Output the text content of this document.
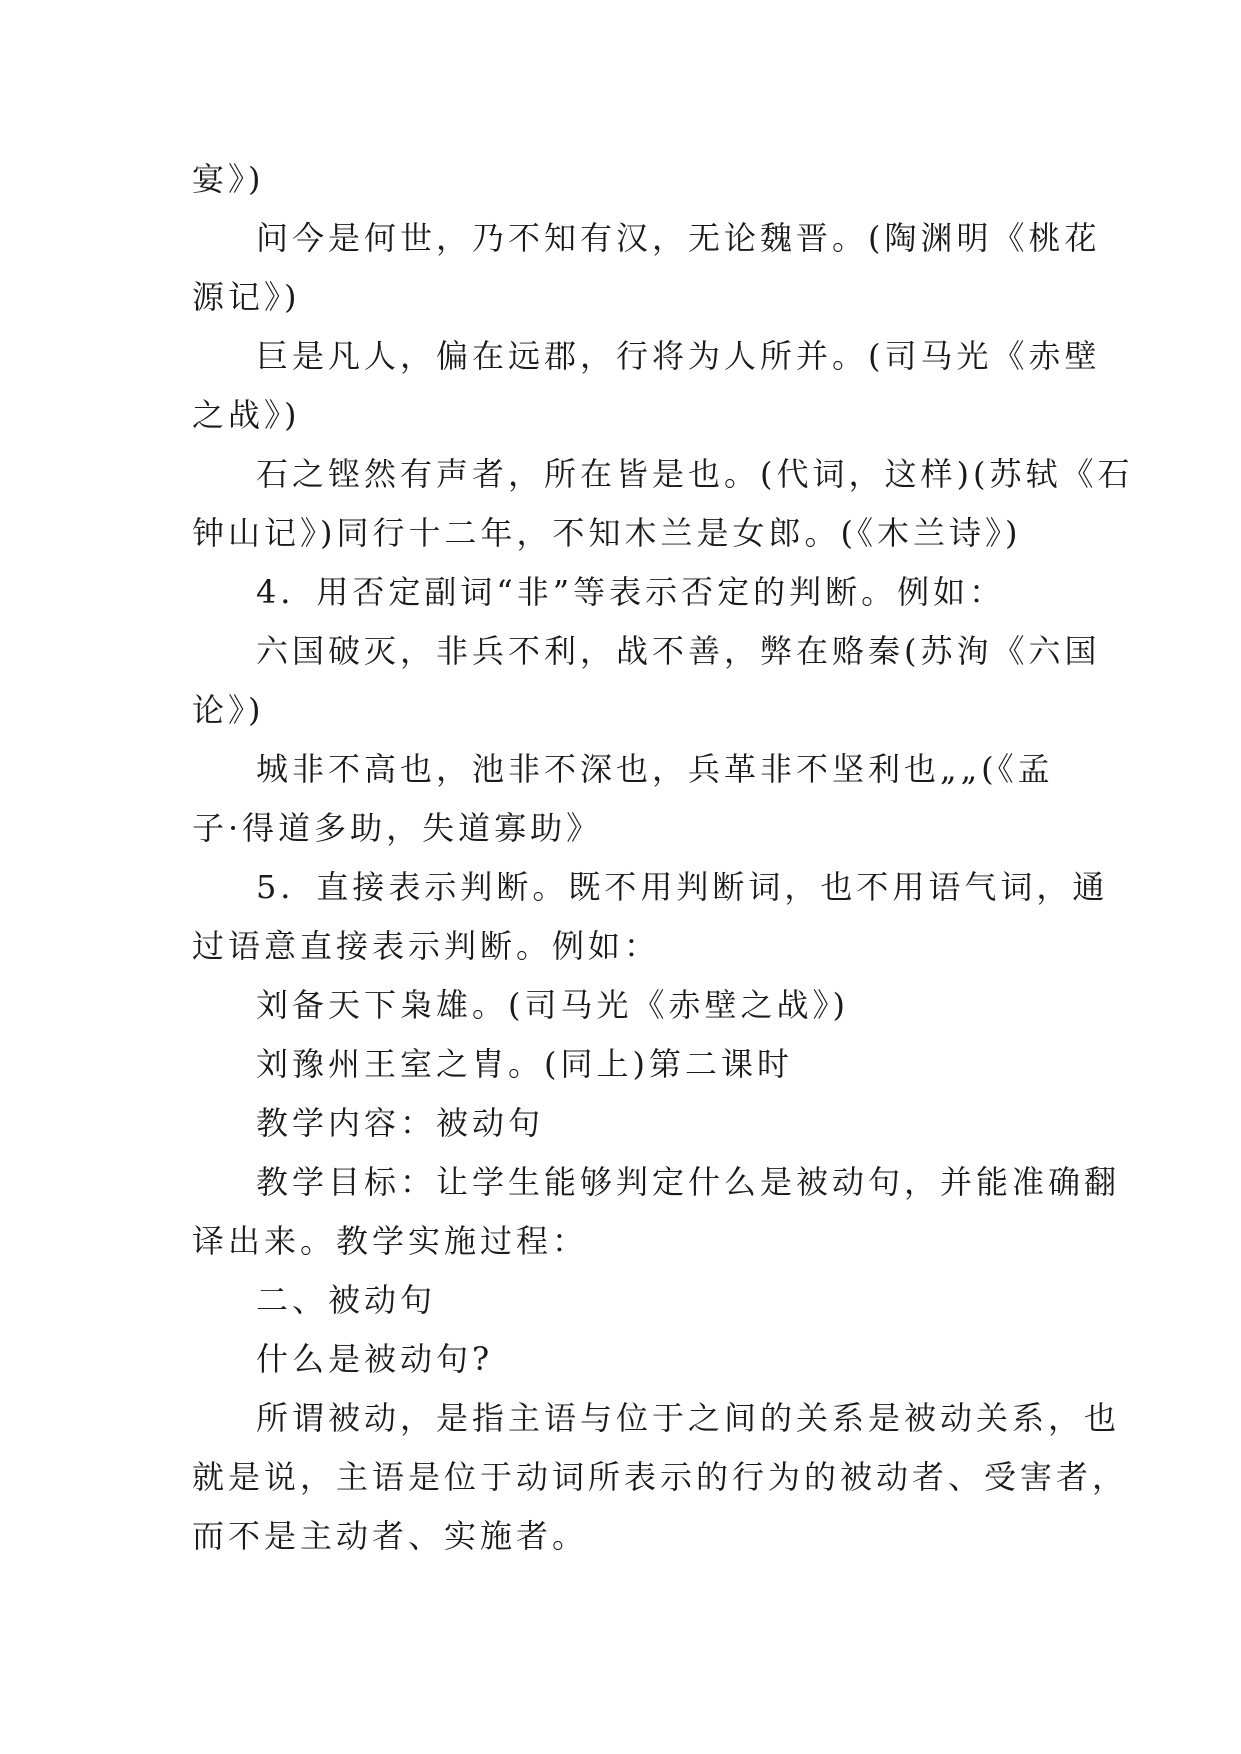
宴》)
问今是何世，乃不知有汉，无论魏晋。(陶渊明《桃花
源记》)
巨是凡人，偏在远郡，行将为人所并。(司马光《赤壁
之战》)
石之铿然有声者，所在皆是也。(代词，这样)(苏轼《石
钟山记》)同行十二年，不知木兰是女郎。(《木兰诗》)
4．用否定副词“非”等表示否定的判断。例如：
六国破灭，非兵不利，战不善，弊在赂秦(苏洵《六国
论》)
城非不高也，池非不深也，兵革非不坚利也„„(《孟
子·得道多助，失道寡助》
5．直接表示判断。既不用判断词，也不用语气词，通
过语意直接表示判断。例如：
刘备天下枭雄。(司马光《赤壁之战》)
刘豫州王室之胄。(同上)第二课时
教学内容：被动句
教学目标：让学生能够判定什么是被动句，并能准确翻
译出来。教学实施过程：
二、被动句
什么是被动句?
所谓被动，是指主语与位于之间的关系是被动关系，也
就是说，主语是位于动词所表示的行为的被动者、受害者，
而不是主动者、实施者。
